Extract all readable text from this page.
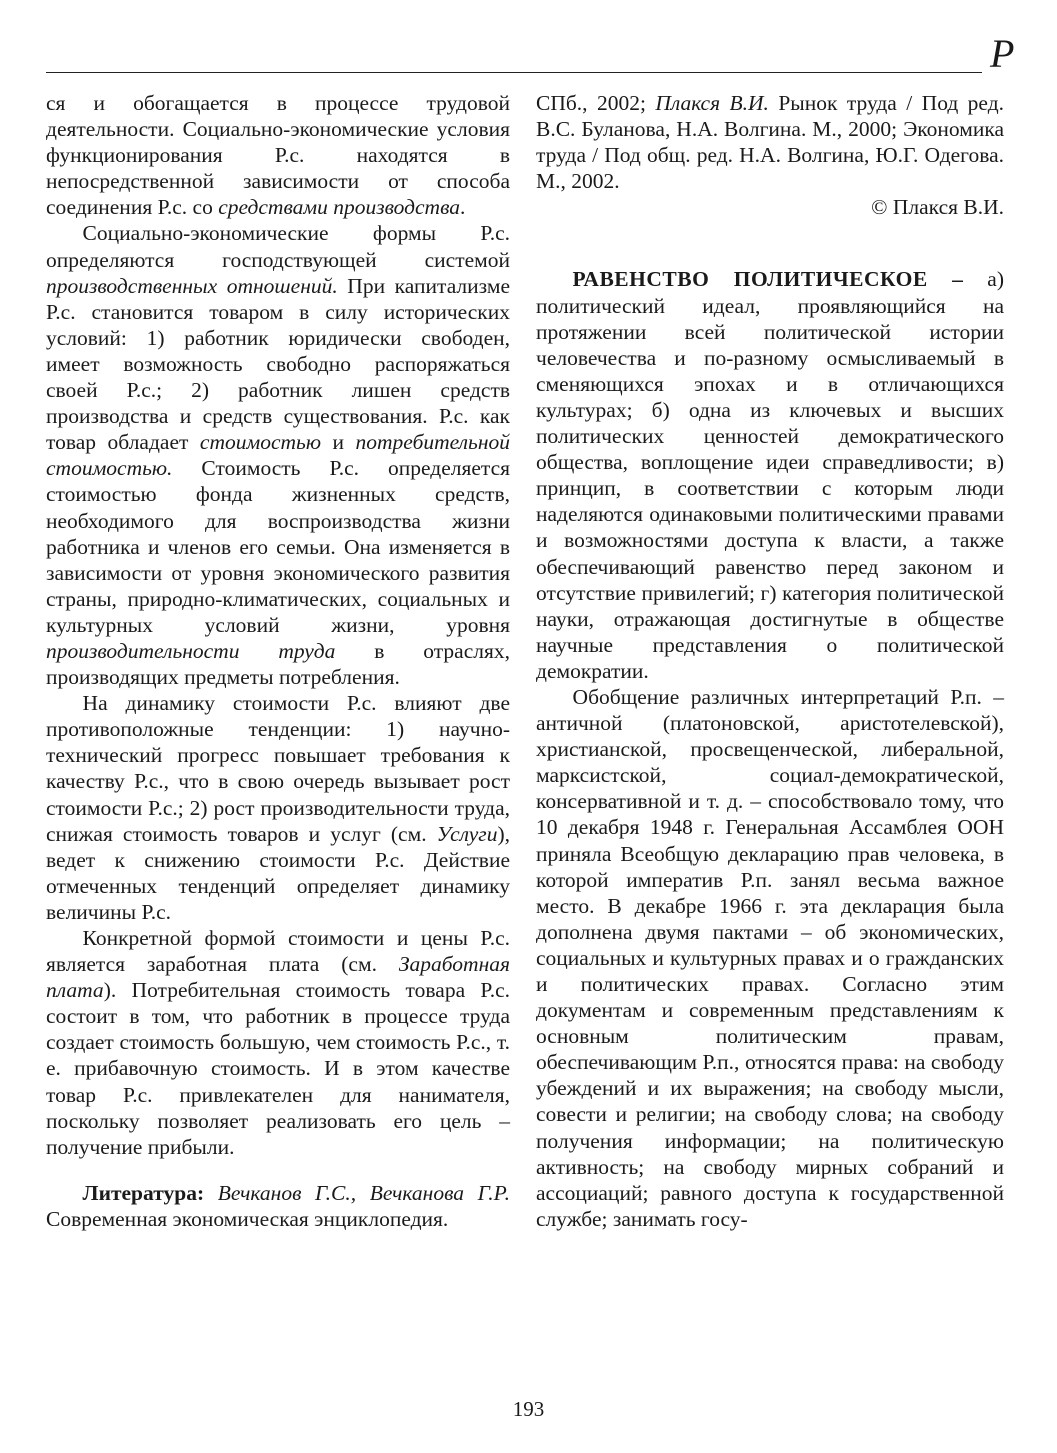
Р

ся и обогащается в процессе трудовой деятельности. Социально-экономические условия функционирования Р.с. находятся в непосредственной зависимости от способа соединения Р.с. со средствами производства.

Социально-экономические формы Р.с. определяются господствующей системой производственных отношений. При капитализме Р.с. становится товаром в силу исторических условий: 1) работник юридически свободен, имеет возможность свободно распоряжаться своей Р.с.; 2) работник лишен средств производства и средств существования. Р.с. как товар обладает стоимостью и потребительной стоимостью. Стоимость Р.с. определяется стоимостью фонда жизненных средств, необходимого для воспроизводства жизни работника и членов его семьи. Она изменяется в зависимости от уровня экономического развития страны, природно-климатических, социальных и культурных условий жизни, уровня производительности труда в отраслях, производящих предметы потребления.

На динамику стоимости Р.с. влияют две противоположные тенденции: 1) научно-технический прогресс повышает требования к качеству Р.с., что в свою очередь вызывает рост стоимости Р.с.; 2) рост производительности труда, снижая стоимость товаров и услуг (см. Услуги), ведет к снижению стоимости Р.с. Действие отмеченных тенденций определяет динамику величины Р.с.

Конкретной формой стоимости и цены Р.с. является заработная плата (см. Заработная плата). Потребительная стоимость товара Р.с. состоит в том, что работник в процессе труда создает стоимость большую, чем стоимость Р.с., т. е. прибавочную стоимость. И в этом качестве товар Р.с. привлекателен для нанимателя, поскольку позволяет реализовать его цель – получение прибыли.

Литература: Вечканов Г.С., Вечканова Г.Р. Современная экономическая энциклопедия.

СПб., 2002; Плакся В.И. Рынок труда / Под ред. В.С. Буланова, Н.А. Волгина. М., 2000; Экономика труда / Под общ. ред. Н.А. Волгина, Ю.Г. Одегова. М., 2002.

© Плакся В.И.

РАВЕНСТВО ПОЛИТИЧЕСКОЕ – а) политический идеал, проявляющийся на протяжении всей политической истории человечества и по-разному осмысливаемый в сменяющихся эпохах и в отличающихся культурах; б) одна из ключевых и высших политических ценностей демократического общества, воплощение идеи справедливости; в) принцип, в соответствии с которым люди наделяются одинаковыми политическими правами и возможностями доступа к власти, а также обеспечивающий равенство перед законом и отсутствие привилегий; г) категория политической науки, отражающая достигнутые в обществе научные представления о политической демократии.

Обобщение различных интерпретаций Р.п. – античной (платоновской, аристотелевской), христианской, просвещенческой, либеральной, марксистской, социал-демократической, консервативной и т. д. – способствовало тому, что 10 декабря 1948 г. Генеральная Ассамблея ООН приняла Всеобщую декларацию прав человека, в которой императив Р.п. занял весьма важное место. В декабре 1966 г. эта декларация была дополнена двумя пактами – об экономических, социальных и культурных правах и о гражданских и политических правах. Согласно этим документам и современным представлениям к основным политическим правам, обеспечивающим Р.п., относятся права: на свободу убеждений и их выражения; на свободу мысли, совести и религии; на свободу слова; на свободу получения информации; на политическую активность; на свободу мирных собраний и ассоциаций; равного доступа к государственной службе; занимать госу-

193
